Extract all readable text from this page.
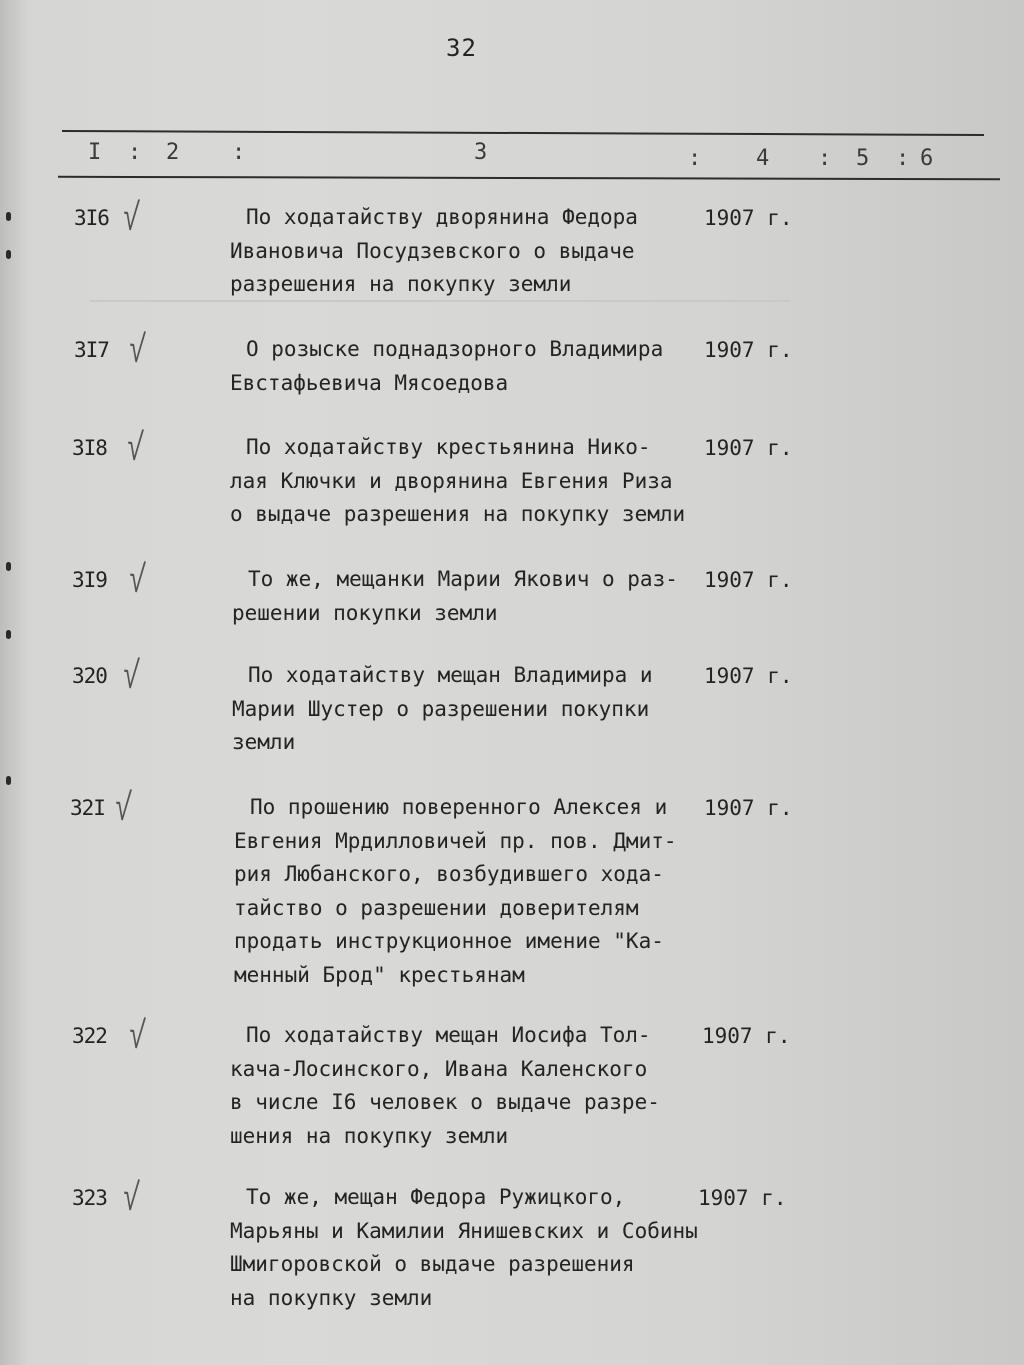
32
I : 2 :	3	: 4 : 5 : 6
3I6 √	По ходатайству дворянина Федора
Ивановича Посудзевского о выдаче
разрешения на покупку земли
1907 г.
3I7 √	О розыске поднадзорного Владимира
Евстафьевича Мясоедова
1907 г.
3I8 √	По ходатайству крестьянина Нико-
лая Ключки и дворянина Евгения Риза
о выдаче разрешения на покупку земли
1907 г.
3I9 √	То же, мещанки Марии Якович о раз-
решении покупки земли
1907 г.
320 √	По ходатайству мещан Владимира и
Марии Шустер о разрешении покупки
земли
1907 г.
32I √	По прошению поверенного Алексея и
Евгения Мрдилловичей пр. пов. Дмит-
рия Любанского, возбудившего хода-
тайство о разрешении доверителям
продать инструкционное имение "Ка-
менный Брод" крестьянам
1907 г.
322 √	По ходатайству мещан Иосифа Тол-
кача-Лосинского, Ивана Каленского
в числе I6 человек о выдаче разре-
шения на покупку земли
1907 г.
323 √	То же, мещан Федора Ружицкого,
Марьяны и Камилии Янишевских и Собины
Шмигоровской о выдаче разрешения
на покупку земли
1907 г.
